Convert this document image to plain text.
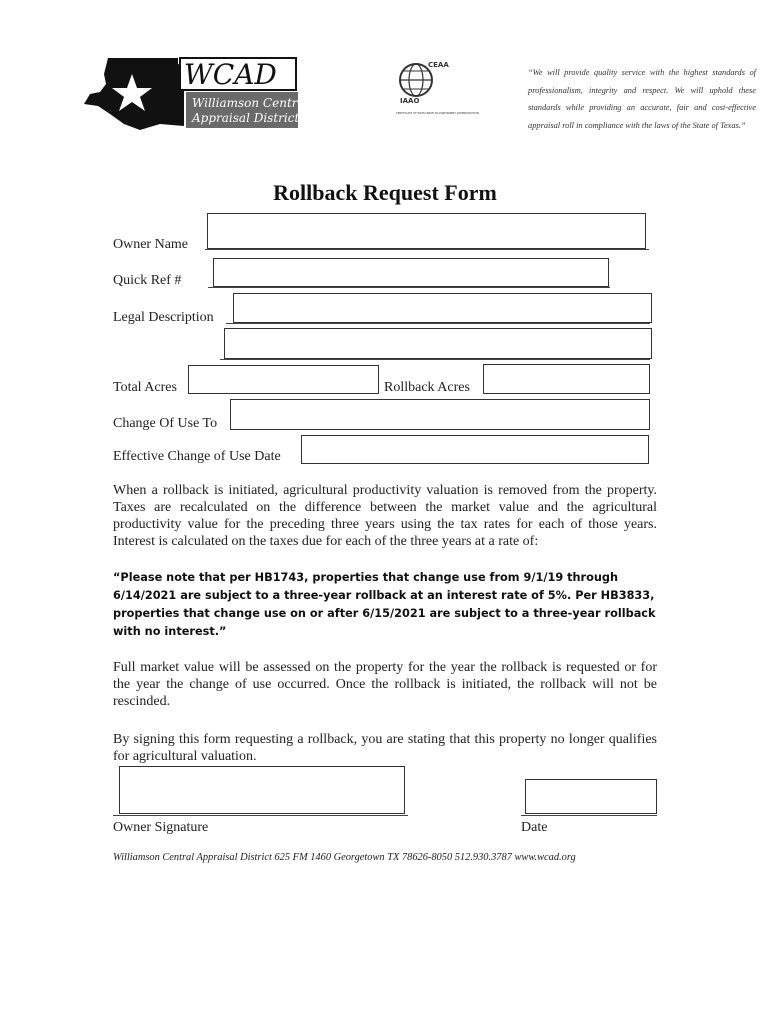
WCAD
Williamson Central
Appraisal District
CEAA
IAAO
CERTIFICATE OF EXCELLENCE IN ASSESSMENT ADMINISTRATION
“We will provide quality service with the highest standards of professionalism, integrity and respect. We will uphold these standards while providing an accurate, fair and cost-effective appraisal roll in compliance with the laws of the State of Texas.”
Rollback Request Form
Owner Name
Quick Ref #
Legal Description
Total Acres	Rollback Acres
Change Of Use To
Effective Change of Use Date
When a rollback is initiated, agricultural productivity valuation is removed from the property. Taxes are recalculated on the difference between the market value and the agricultural productivity value for the preceding three years using the tax rates for each of those years. Interest is calculated on the taxes due for each of the three years at a rate of:
“Please note that per HB1743, properties that change use from 9/1/19 through 6/14/2021 are subject to a three-year rollback at an interest rate of 5%. Per HB3833, properties that change use on or after 6/15/2021 are subject to a three-year rollback with no interest.”
Full market value will be assessed on the property for the year the rollback is requested or for the year the change of use occurred. Once the rollback is initiated, the rollback will not be rescinded.
By signing this form requesting a rollback, you are stating that this property no longer qualifies for agricultural valuation.
Owner Signature	Date
Williamson Central Appraisal District 625 FM 1460 Georgetown TX 78626-8050 512.930.3787 www.wcad.org
